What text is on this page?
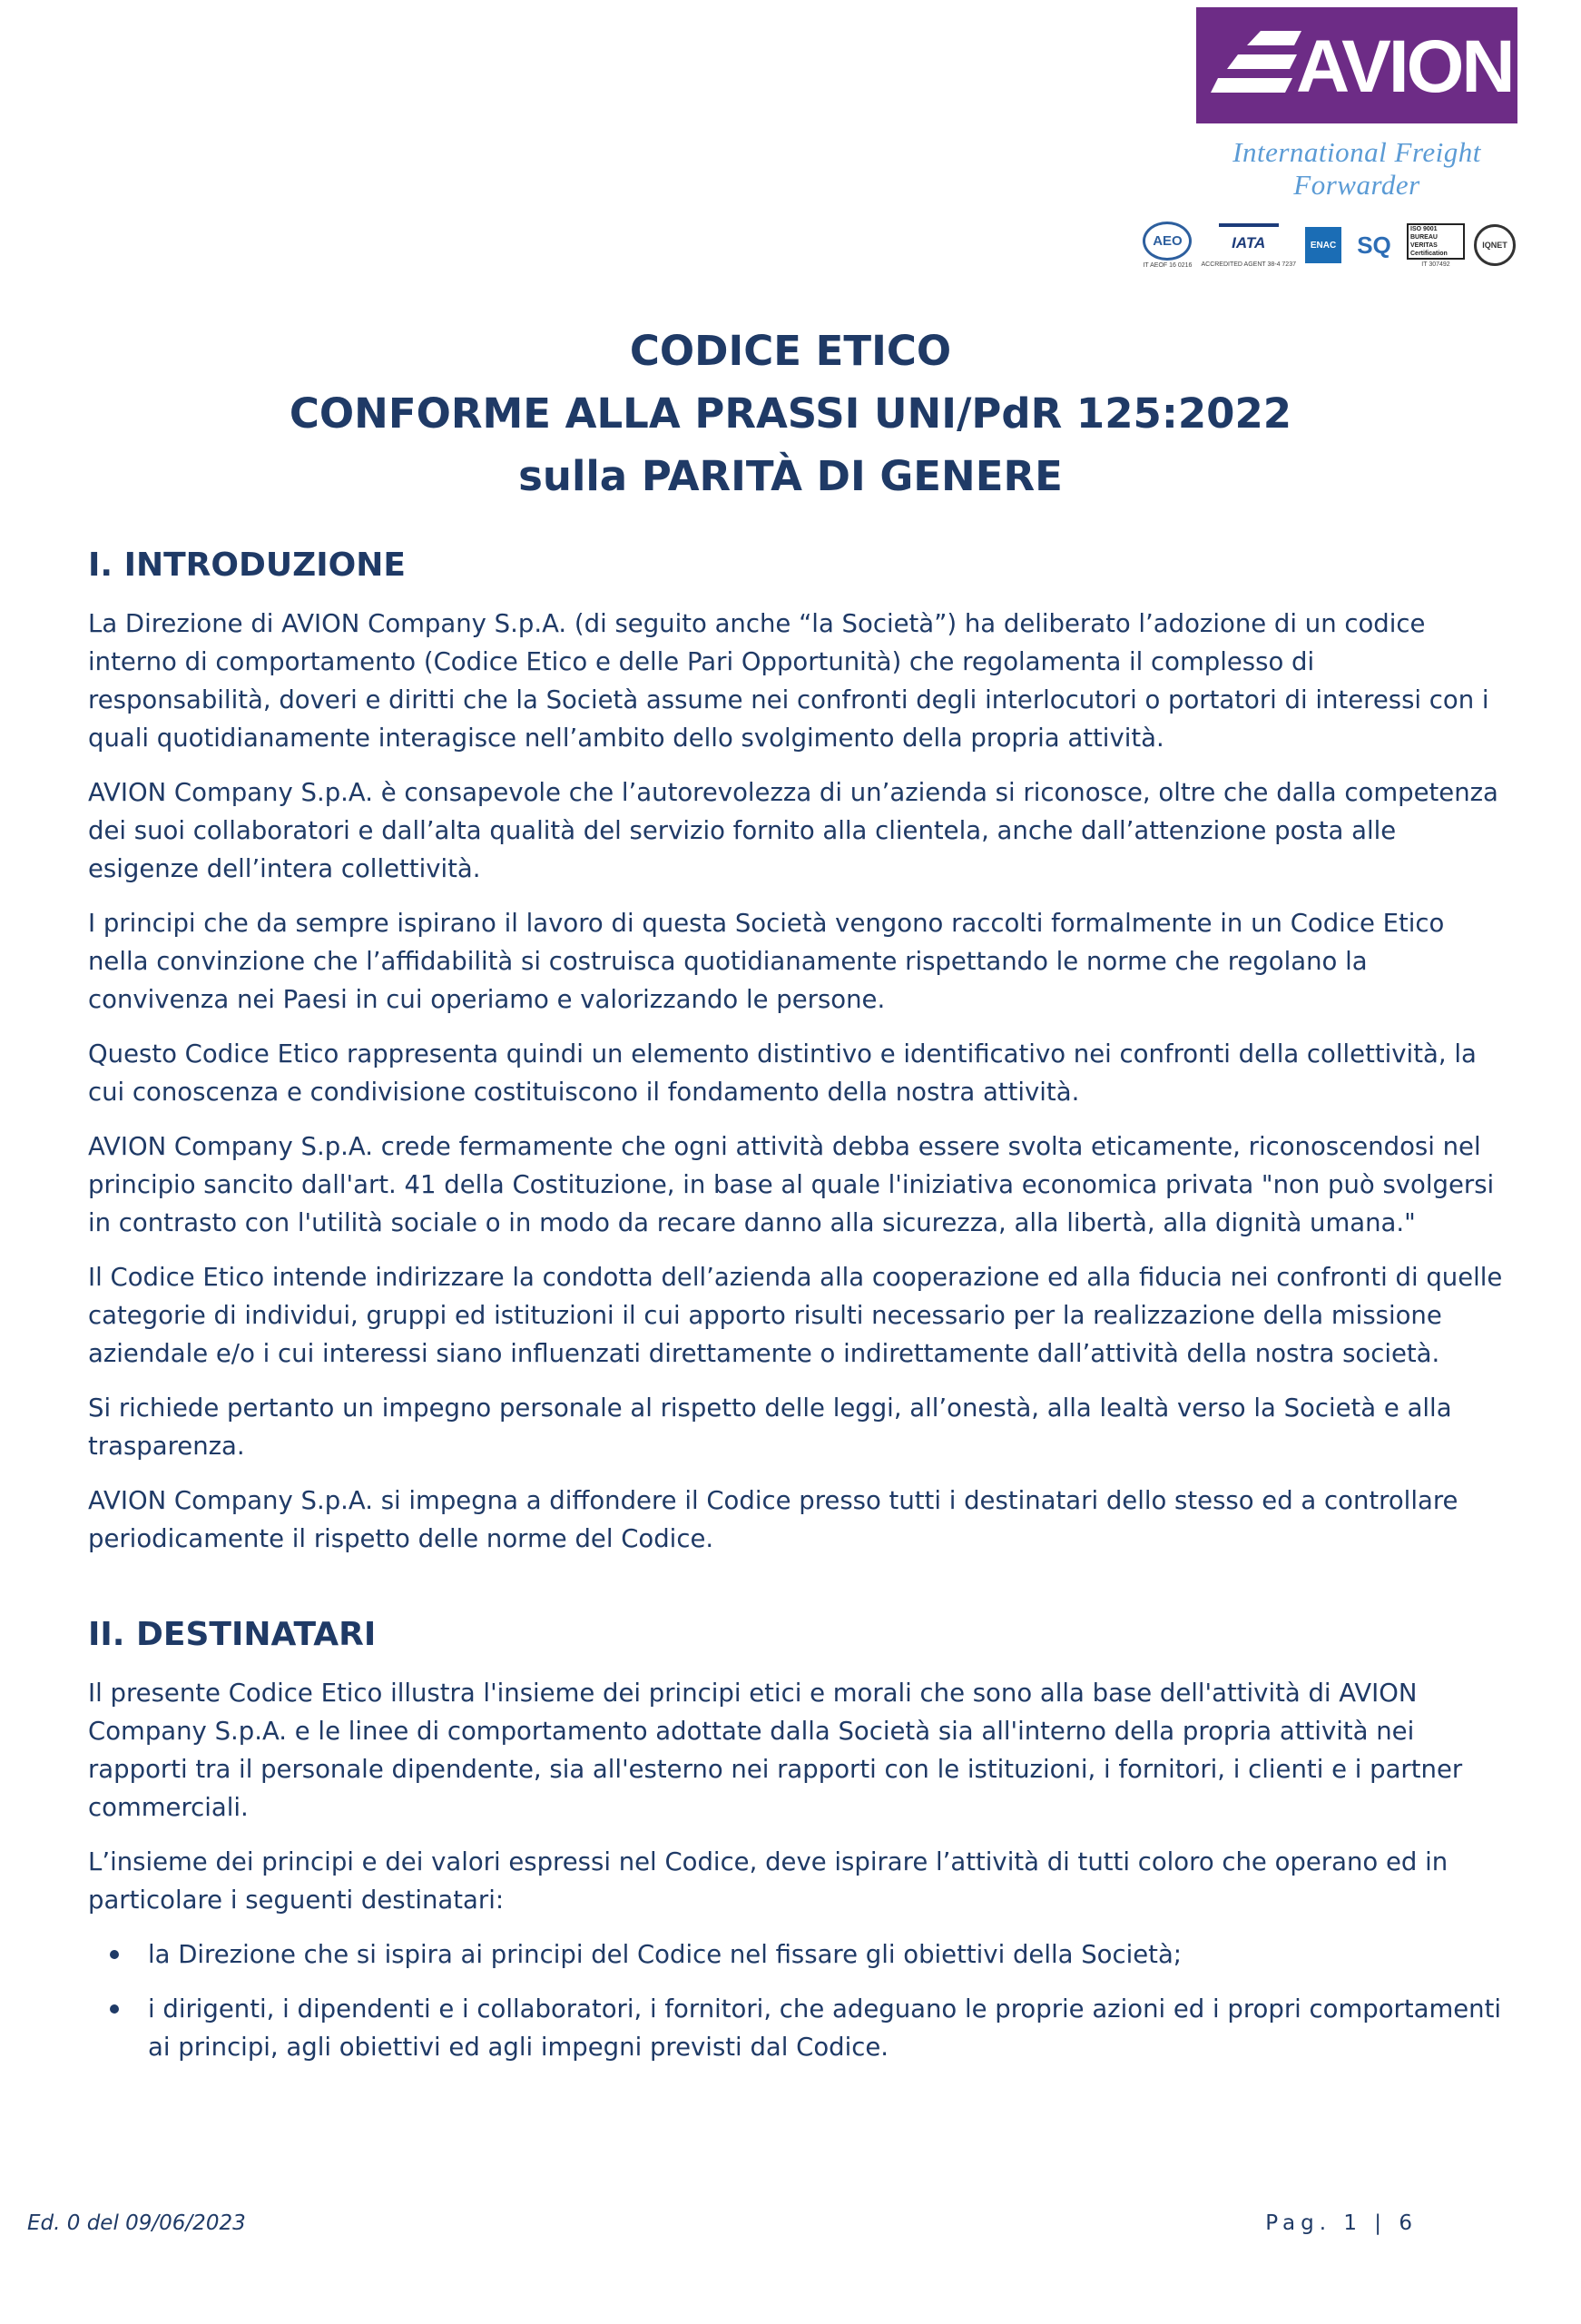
AVION
International Freight Forwarder
AEO
IT AEOF 16 0216
IATA
ACCREDITED AGENT 38-4 7237
ENAC SQ
ISO 9001 BUREAU VERITAS Certification
IT 307492
IQNET
CODICE ETICO
CONFORME ALLA PRASSI UNI/PdR 125:2022
sulla PARITÀ DI GENERE
I. INTRODUZIONE

La Direzione di AVION Company S.p.A. (di seguito anche “la Società”) ha deliberato l’adozione di un codice interno di comportamento (Codice Etico e delle Pari Opportunità) che regolamenta il complesso di responsabilità, doveri e diritti che la Società assume nei confronti degli interlocutori o portatori di interessi con i quali quotidianamente interagisce nell’ambito dello svolgimento della propria attività.

AVION Company S.p.A. è consapevole che l’autorevolezza di un’azienda si riconosce, oltre che dalla competenza dei suoi collaboratori e dall’alta qualità del servizio fornito alla clientela, anche dall’attenzione posta alle esigenze dell’intera collettività.

I principi che da sempre ispirano il lavoro di questa Società vengono raccolti formalmente in un Codice Etico nella convinzione che l’affidabilità si costruisca quotidianamente rispettando le norme che regolano la convivenza nei Paesi in cui operiamo e valorizzando le persone.

Questo Codice Etico rappresenta quindi un elemento distintivo e identificativo nei confronti della collettività, la cui conoscenza e condivisione costituiscono il fondamento della nostra attività.

AVION Company S.p.A. crede fermamente che ogni attività debba essere svolta eticamente, riconoscendosi nel principio sancito dall'art. 41 della Costituzione, in base al quale l'iniziativa economica privata "non può svolgersi in contrasto con l'utilità sociale o in modo da recare danno alla sicurezza, alla libertà, alla dignità umana."

Il Codice Etico intende indirizzare la condotta dell’azienda alla cooperazione ed alla fiducia nei confronti di quelle categorie di individui, gruppi ed istituzioni il cui apporto risulti necessario per la realizzazione della missione aziendale e/o i cui interessi siano influenzati direttamente o indirettamente dall’attività della nostra società.

Si richiede pertanto un impegno personale al rispetto delle leggi, all’onestà, alla lealtà verso la Società e alla trasparenza.

AVION Company S.p.A. si impegna a diffondere il Codice presso tutti i destinatari dello stesso ed a controllare periodicamente il rispetto delle norme del Codice.

II. DESTINATARI

Il presente Codice Etico illustra l'insieme dei principi etici e morali che sono alla base dell'attività di AVION Company S.p.A. e le linee di comportamento adottate dalla Società sia all'interno della propria attività nei rapporti tra il personale dipendente, sia all'esterno nei rapporti con le istituzioni, i fornitori, i clienti e i partner commerciali.

L’insieme dei principi e dei valori espressi nel Codice, deve ispirare l’attività di tutti coloro che operano ed in particolare i seguenti destinatari:

la Direzione che si ispira ai principi del Codice nel fissare gli obiettivi della Società;
i dirigenti, i dipendenti e i collaboratori, i fornitori, che adeguano le proprie azioni ed i propri comportamenti ai principi, agli obiettivi ed agli impegni previsti dal Codice.
Ed. 0 del 09/06/2023	Pag. 1 | 6
